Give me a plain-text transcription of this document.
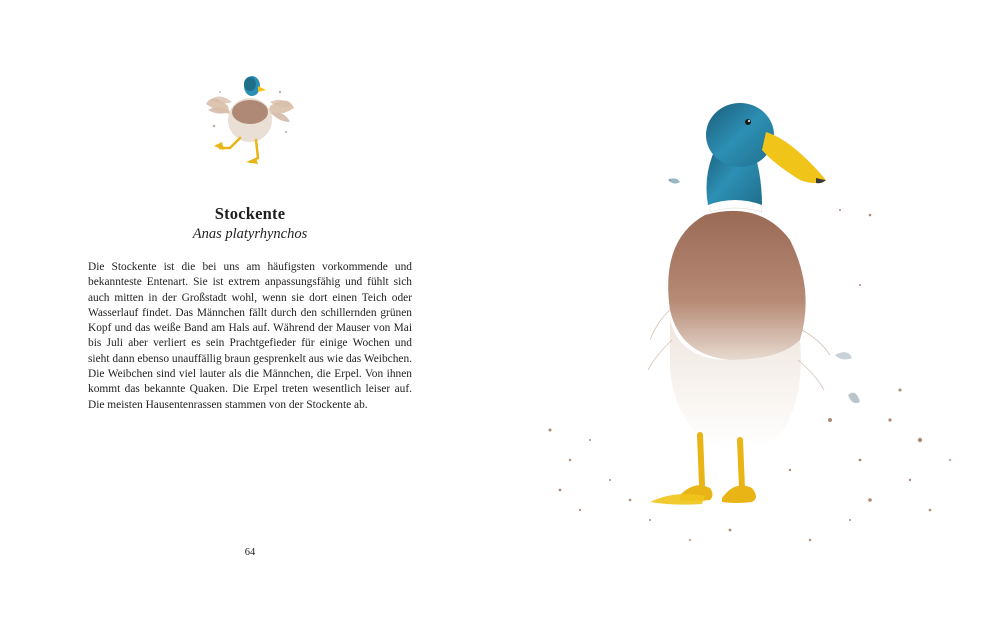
Stockente
Anas platyrhynchos

Die Stockente ist die bei uns am häufigsten vorkommende und bekannteste Entenart. Sie ist extrem anpassungsfähig und fühlt sich auch mitten in der Großstadt wohl, wenn sie dort einen Teich oder Wasserlauf findet. Das Männchen fällt durch den schillernden grünen Kopf und das weiße Band am Hals auf. Während der Mauser von Mai bis Juli aber verliert es sein Prachtgefieder für einige Wochen und sieht dann ebenso unauffällig braun gesprenkelt aus wie das Weibchen. Die Weibchen sind viel lauter als die Männchen, die Erpel. Von ihnen kommt das bekannte Quaken. Die Erpel treten wesentlich leiser auf. Die meisten Hausentenrassen stammen von der Stockente ab.

64
